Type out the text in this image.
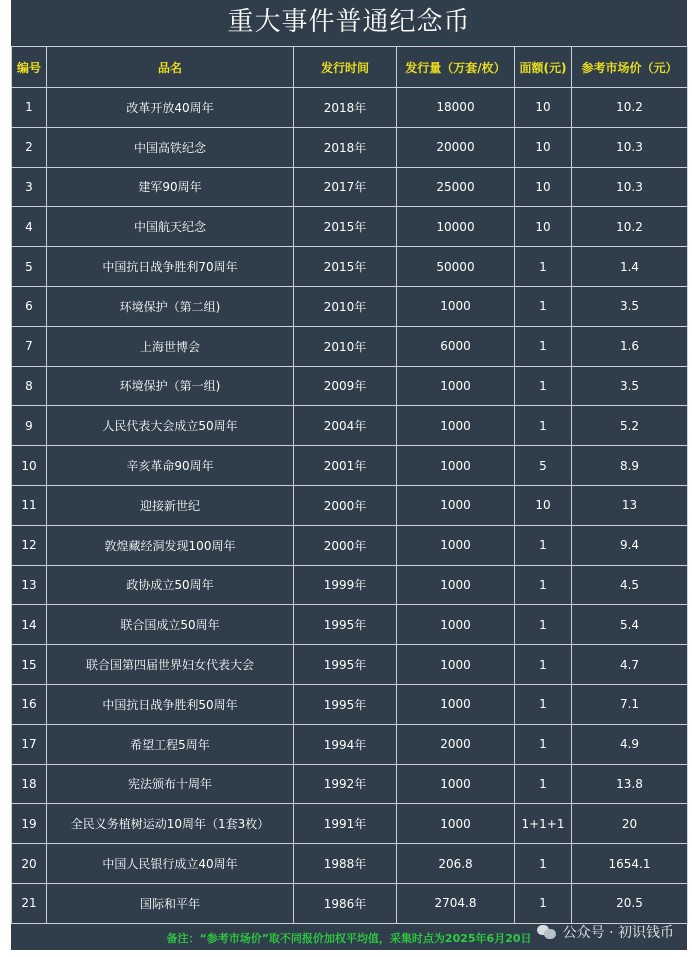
重大事件普通纪念币
编号	品名	发行时间	发行量（万套/枚）	面额(元)	参考市场价（元）
1	改革开放40周年	2018年	18000	10	10.2
2	中国高铁纪念	2018年	20000	10	10.3
3	建军90周年	2017年	25000	10	10.3
4	中国航天纪念	2015年	10000	10	10.2
5	中国抗日战争胜利70周年	2015年	50000	1	1.4
6	环境保护（第二组)	2010年	1000	1	3.5
7	上海世博会	2010年	6000	1	1.6
8	环境保护（第一组)	2009年	1000	1	3.5
9	人民代表大会成立50周年	2004年	1000	1	5.2
10	辛亥革命90周年	2001年	1000	5	8.9
11	迎接新世纪	2000年	1000	10	13
12	敦煌藏经洞发现100周年	2000年	1000	1	9.4
13	政协成立50周年	1999年	1000	1	4.5
14	联合国成立50周年	1995年	1000	1	5.4
15	联合国第四届世界妇女代表大会	1995年	1000	1	4.7
16	中国抗日战争胜利50周年	1995年	1000	1	7.1
17	希望工程5周年	1994年	2000	1	4.9
18	宪法颁布十周年	1992年	1000	1	13.8
19	全民义务植树运动10周年（1套3枚）	1991年	1000	1+1+1	20
20	中国人民银行成立40周年	1988年	206.8	1	1654.1
21	国际和平年	1986年	2704.8	1	20.5
备注：“参考市场价”取不同报价加权平均值，采集时点为2025年6月20日	公众号 · 初识钱币
